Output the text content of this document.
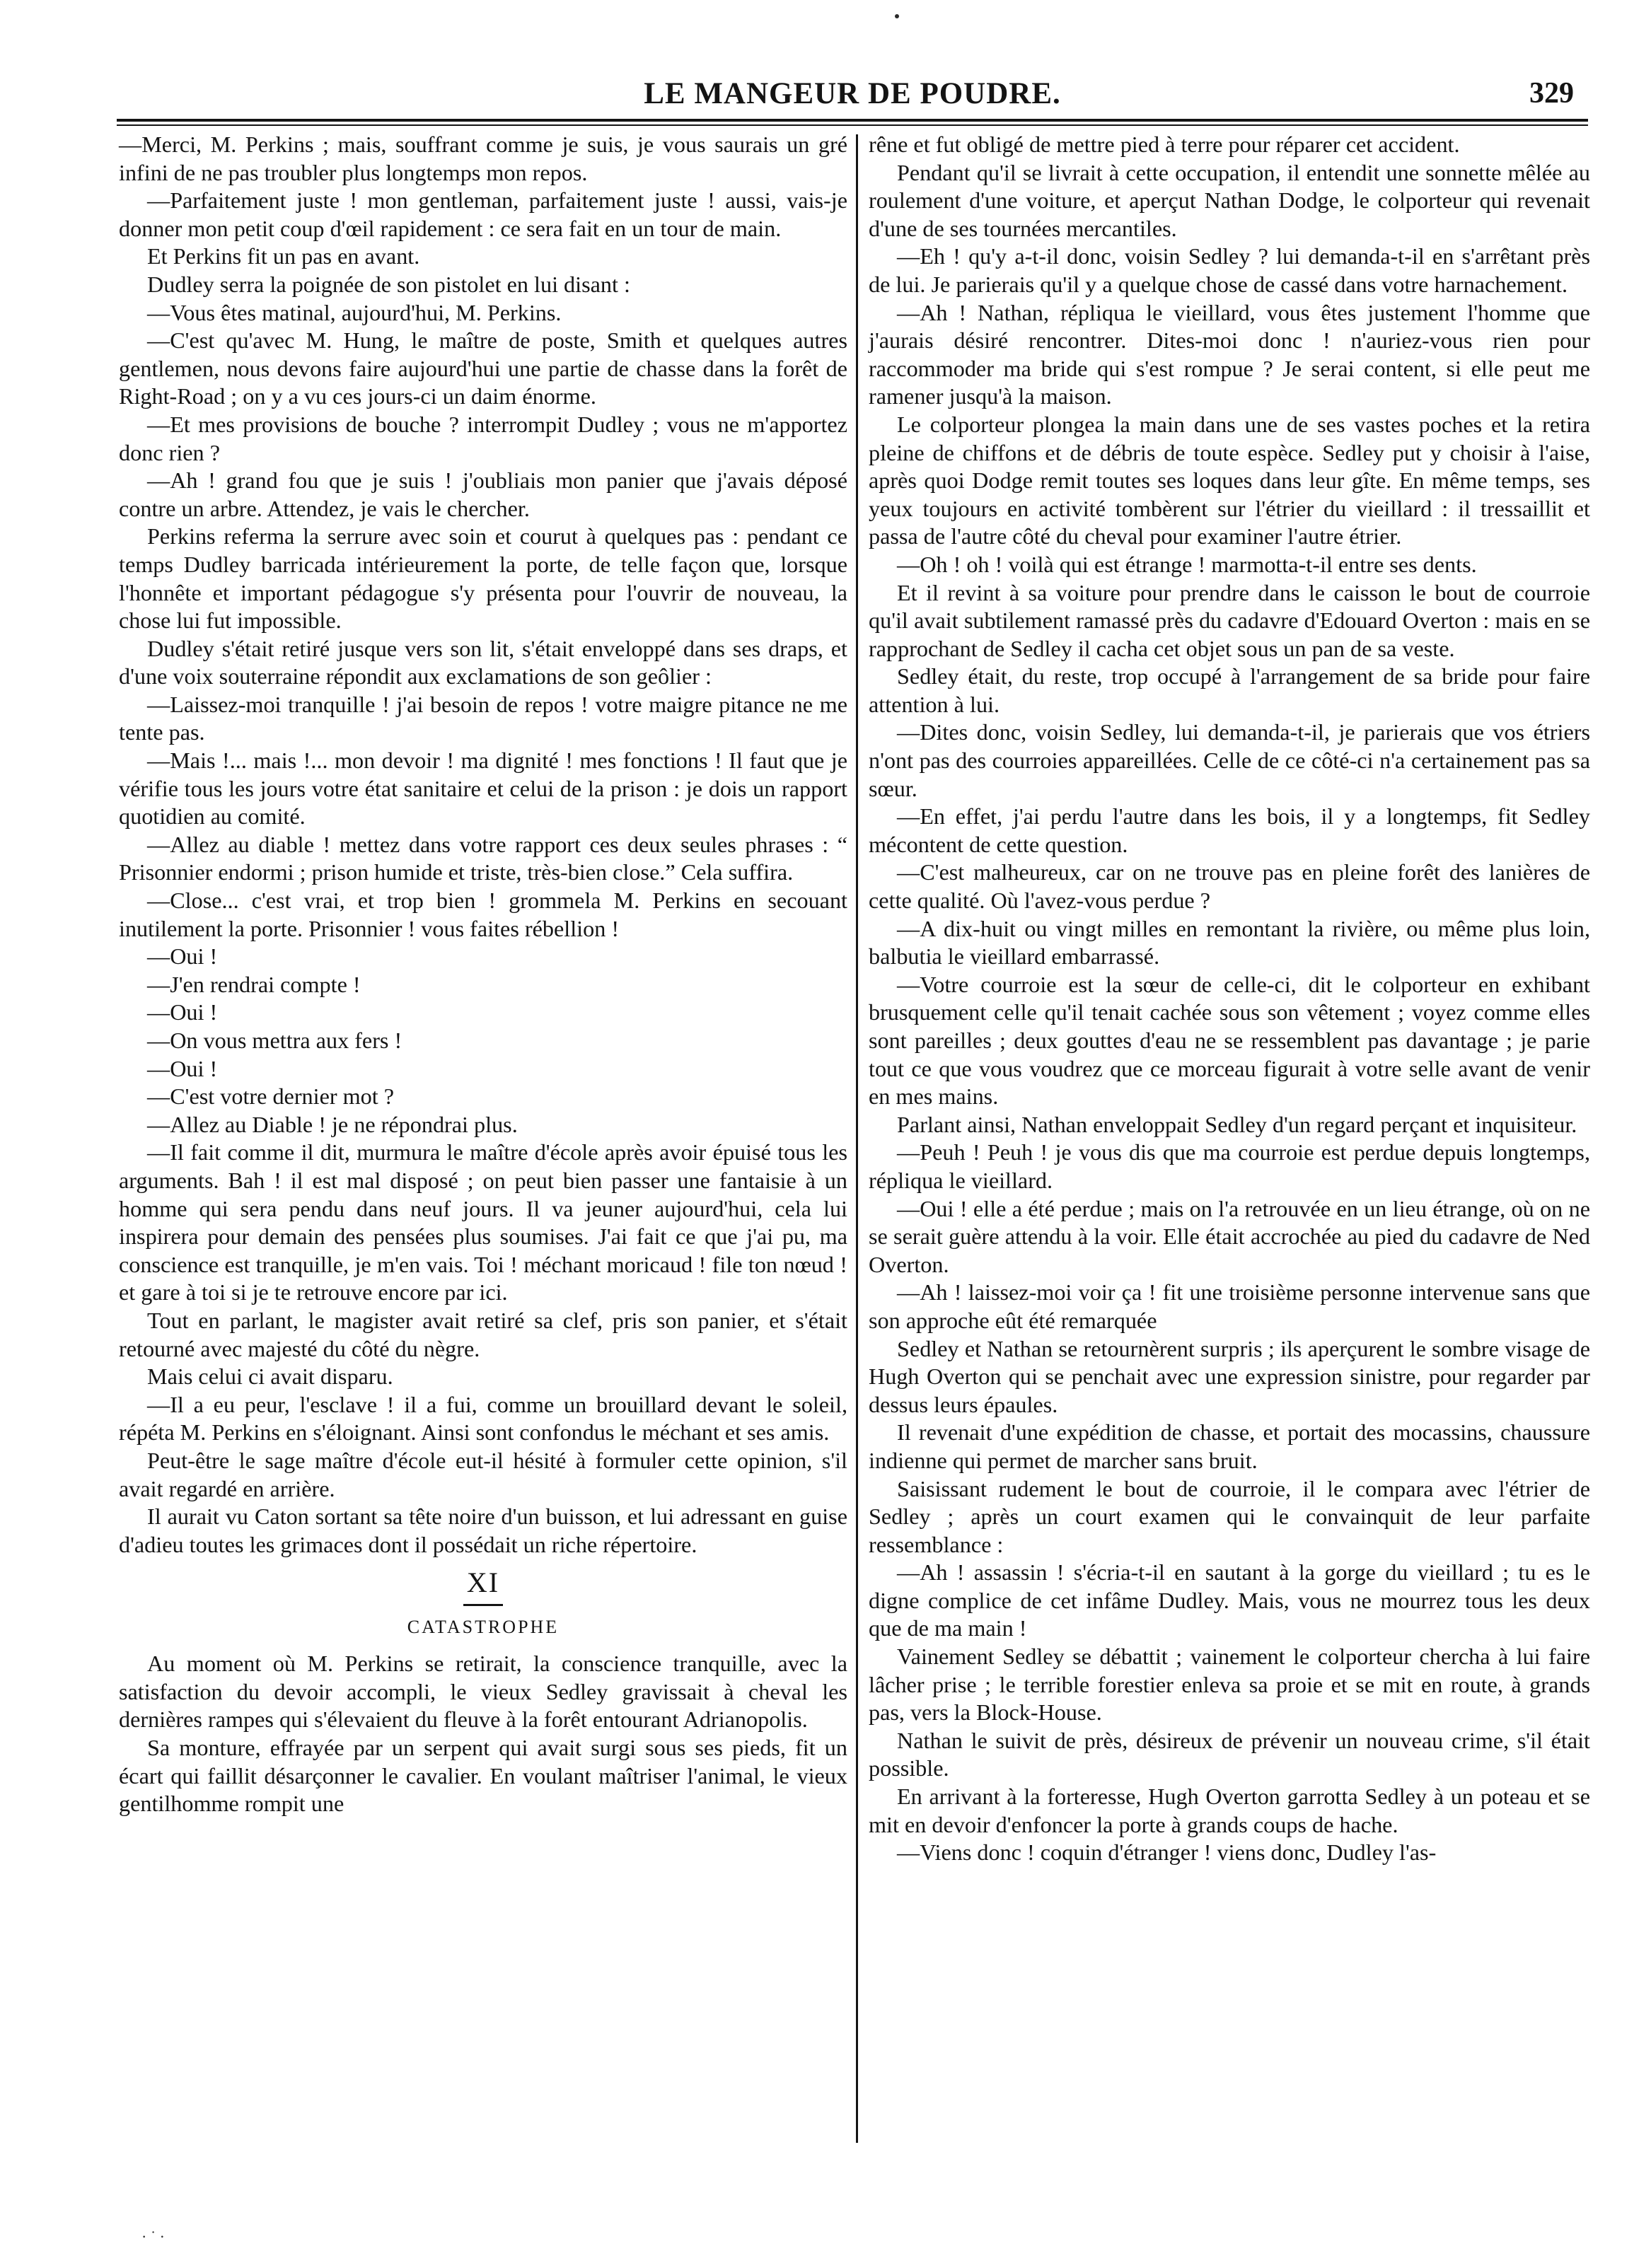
LE MANGEUR DE POUDRE.	329

—Merci, M. Perkins ; mais, souffrant comme je suis, je vous saurais un gré infini de ne pas troubler plus longtemps mon repos.

—Parfaitement juste ! mon gentleman, parfaitement juste ! aussi, vais-je donner mon petit coup d'œil rapidement : ce sera fait en un tour de main.

Et Perkins fit un pas en avant.

Dudley serra la poignée de son pistolet en lui disant :

—Vous êtes matinal, aujourd'hui, M. Perkins.

—C'est qu'avec M. Hung, le maître de poste, Smith et quelques autres gentlemen, nous devons faire aujourd'hui une partie de chasse dans la forêt de Right-Road ; on y a vu ces jours-ci un daim énorme.

—Et mes provisions de bouche ? interrompit Dudley ; vous ne m'apportez donc rien ?

—Ah ! grand fou que je suis ! j'oubliais mon panier que j'avais déposé contre un arbre. Attendez, je vais le chercher.

Perkins referma la serrure avec soin et courut à quelques pas : pendant ce temps Dudley barricada intérieurement la porte, de telle façon que, lorsque l'honnête et important pédagogue s'y présenta pour l'ouvrir de nouveau, la chose lui fut impossible.

Dudley s'était retiré jusque vers son lit, s'était enveloppé dans ses draps, et d'une voix souterraine répondit aux exclamations de son geôlier :

—Laissez-moi tranquille ! j'ai besoin de repos ! votre maigre pitance ne me tente pas.

—Mais !... mais !... mon devoir ! ma dignité ! mes fonctions ! Il faut que je vérifie tous les jours votre état sanitaire et celui de la prison : je dois un rapport quotidien au comité.

—Allez au diable ! mettez dans votre rapport ces deux seules phrases : “ Prisonnier endormi ; prison humide et triste, très-bien close.” Cela suffira.

—Close... c'est vrai, et trop bien ! grommela M. Perkins en secouant inutilement la porte. Prisonnier ! vous faites rébellion !

—Oui !

—J'en rendrai compte !

—Oui !

—On vous mettra aux fers !

—Oui !

—C'est votre dernier mot ?

—Allez au Diable ! je ne répondrai plus.

—Il fait comme il dit, murmura le maître d'école après avoir épuisé tous les arguments. Bah ! il est mal disposé ; on peut bien passer une fantaisie à un homme qui sera pendu dans neuf jours. Il va jeuner aujourd'hui, cela lui inspirera pour demain des pensées plus soumises. J'ai fait ce que j'ai pu, ma conscience est tranquille, je m'en vais. Toi ! méchant moricaud ! file ton nœud ! et gare à toi si je te retrouve encore par ici.

Tout en parlant, le magister avait retiré sa clef, pris son panier, et s'était retourné avec majesté du côté du nègre.

Mais celui ci avait disparu.

—Il a eu peur, l'esclave ! il a fui, comme un brouillard devant le soleil, répéta M. Perkins en s'éloignant. Ainsi sont confondus le méchant et ses amis.

Peut-être le sage maître d'école eut-il hésité à formuler cette opinion, s'il avait regardé en arrière.

Il aurait vu Caton sortant sa tête noire d'un buisson, et lui adressant en guise d'adieu toutes les grimaces dont il possédait un riche répertoire.

XI
CATASTROPHE

Au moment où M. Perkins se retirait, la conscience tranquille, avec la satisfaction du devoir accompli, le vieux Sedley gravissait à cheval les dernières rampes qui s'élevaient du fleuve à la forêt entourant Adrianopolis.

Sa monture, effrayée par un serpent qui avait surgi sous ses pieds, fit un écart qui faillit désarçonner le cavalier. En voulant maîtriser l'animal, le vieux gentilhomme rompit une

rêne et fut obligé de mettre pied à terre pour réparer cet accident.

Pendant qu'il se livrait à cette occupation, il entendit une sonnette mêlée au roulement d'une voiture, et aperçut Nathan Dodge, le colporteur qui revenait d'une de ses tournées mercantiles.

—Eh ! qu'y a-t-il donc, voisin Sedley ? lui demanda-t-il en s'arrêtant près de lui. Je parierais qu'il y a quelque chose de cassé dans votre harnachement.

—Ah ! Nathan, répliqua le vieillard, vous êtes justement l'homme que j'aurais désiré rencontrer. Dites-moi donc ! n'auriez-vous rien pour raccommoder ma bride qui s'est rompue ? Je serai content, si elle peut me ramener jusqu'à la maison.

Le colporteur plongea la main dans une de ses vastes poches et la retira pleine de chiffons et de débris de toute espèce. Sedley put y choisir à l'aise, après quoi Dodge remit toutes ses loques dans leur gîte. En même temps, ses yeux toujours en activité tombèrent sur l'étrier du vieillard : il tressaillit et passa de l'autre côté du cheval pour examiner l'autre étrier.

—Oh ! oh ! voilà qui est étrange ! marmotta-t-il entre ses dents.

Et il revint à sa voiture pour prendre dans le caisson le bout de courroie qu'il avait subtilement ramassé près du cadavre d'Edouard Overton : mais en se rapprochant de Sedley il cacha cet objet sous un pan de sa veste.

Sedley était, du reste, trop occupé à l'arrangement de sa bride pour faire attention à lui.

—Dites donc, voisin Sedley, lui demanda-t-il, je parierais que vos étriers n'ont pas des courroies appareillées. Celle de ce côté-ci n'a certainement pas sa sœur.

—En effet, j'ai perdu l'autre dans les bois, il y a longtemps, fit Sedley mécontent de cette question.

—C'est malheureux, car on ne trouve pas en pleine forêt des lanières de cette qualité. Où l'avez-vous perdue ?

—A dix-huit ou vingt milles en remontant la rivière, ou même plus loin, balbutia le vieillard embarrassé.

—Votre courroie est la sœur de celle-ci, dit le colporteur en exhibant brusquement celle qu'il tenait cachée sous son vêtement ; voyez comme elles sont pareilles ; deux gouttes d'eau ne se ressemblent pas davantage ; je parie tout ce que vous voudrez que ce morceau figurait à votre selle avant de venir en mes mains.

Parlant ainsi, Nathan enveloppait Sedley d'un regard perçant et inquisiteur.

—Peuh ! Peuh ! je vous dis que ma courroie est perdue depuis longtemps, répliqua le vieillard.

—Oui ! elle a été perdue ; mais on l'a retrouvée en un lieu étrange, où on ne se serait guère attendu à la voir. Elle était accrochée au pied du cadavre de Ned Overton.

—Ah ! laissez-moi voir ça ! fit une troisième personne intervenue sans que son approche eût été remarquée

Sedley et Nathan se retournèrent surpris ; ils aperçurent le sombre visage de Hugh Overton qui se penchait avec une expression sinistre, pour regarder par dessus leurs épaules.

Il revenait d'une expédition de chasse, et portait des mocassins, chaussure indienne qui permet de marcher sans bruit.

Saisissant rudement le bout de courroie, il le compara avec l'étrier de Sedley ; après un court examen qui le convainquit de leur parfaite ressemblance :

—Ah ! assassin ! s'écria-t-il en sautant à la gorge du vieillard ; tu es le digne complice de cet infâme Dudley. Mais, vous ne mourrez tous les deux que de ma main !

Vainement Sedley se débattit ; vainement le colporteur chercha à lui faire lâcher prise ; le terrible forestier enleva sa proie et se mit en route, à grands pas, vers la Block-House.

Nathan le suivit de près, désireux de prévenir un nouveau crime, s'il était possible.

En arrivant à la forteresse, Hugh Overton garrotta Sedley à un poteau et se mit en devoir d'enfoncer la porte à grands coups de hache.

—Viens donc ! coquin d'étranger ! viens donc, Dudley l'as-

· ˙ ·
